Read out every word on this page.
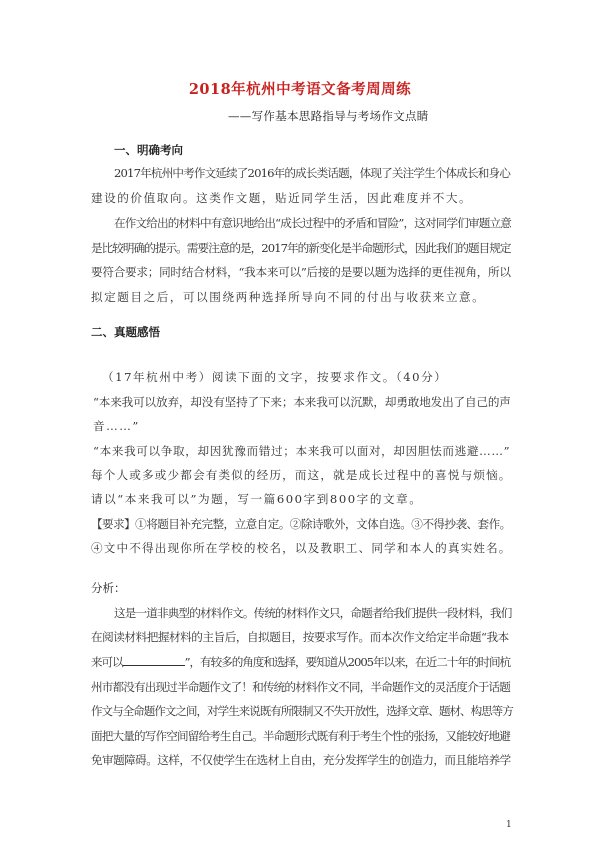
2018年杭州中考语文备考周周练
——写作基本思路指导与考场作文点睛
一、明确考向
2017年杭州中考作文延续了2016年的成长类话题，体现了关注学生个体成长和身心
建设的价值取向。这类作文题，贴近同学生活，因此难度并不大。
在作文给出的材料中有意识地给出“成长过程中的矛盾和冒险”，这对同学们审题立意
是比较明确的提示。需要注意的是，2017年的新变化是半命题形式，因此我们的题目规定
要符合要求；同时结合材料，“我本来可以”后接的是要以题为选择的更佳视角，所以
拟定题目之后，可以围绕两种选择所导向不同的付出与收获来立意。
二、真题感悟
（17年杭州中考）阅读下面的文字，按要求作文。（40分）
“本来我可以放弃，却没有坚持了下来；本来我可以沉默，却勇敢地发出了自己的声
音……”
“本来我可以争取，却因犹豫而错过；本来我可以面对，却因胆怯而逃避……”
每个人或多或少都会有类似的经历，而这，就是成长过程中的喜悦与烦恼。
请以“本来我可以”为题，写一篇600字到800字的文章。
【要求】①将题目补充完整，立意自定。②除诗歌外，文体自选。③不得抄袭、套作。
④文中不得出现你所在学校的校名，以及教职工、同学和本人的真实姓名。
分析：
这是一道非典型的材料作文。传统的材料作文只，命题者给我们提供一段材料，我们
在阅读材料把握材料的主旨后，自拟题目，按要求写作。而本次作文给定半命题“我本
来可以	”，有较多的角度和选择，要知道从2005年以来，在近二十年的时间杭
州市都没有出现过半命题作文了！和传统的材料作文不同，半命题作文的灵活度介于话题
作文与全命题作文之间，对学生来说既有所限制又不失开放性，选择文章、题材、构思等方
面把大量的写作空间留给考生自己。半命题形式既有利于考生个性的张扬，又能较好地避
免审题障碍。这样，不仅使学生在选材上自由，充分发挥学生的创造力，而且能培养学
1
